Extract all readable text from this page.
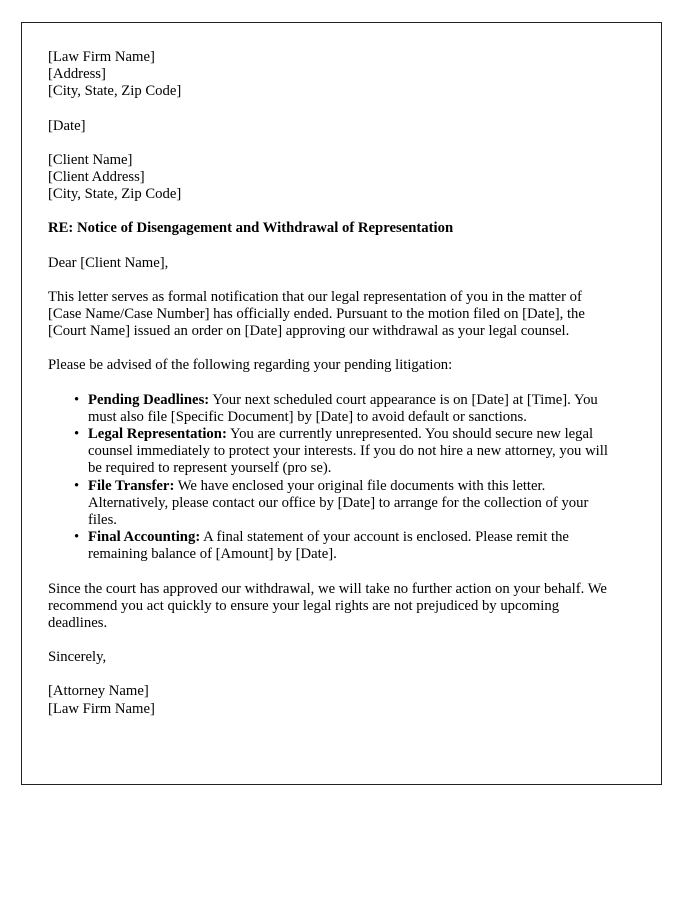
[Law Firm Name]
[Address]
[City, State, Zip Code]
[Date]
[Client Name]
[Client Address]
[City, State, Zip Code]
RE: Notice of Disengagement and Withdrawal of Representation
Dear [Client Name],
This letter serves as formal notification that our legal representation of you in the matter of [Case Name/Case Number] has officially ended. Pursuant to the motion filed on [Date], the [Court Name] issued an order on [Date] approving our withdrawal as your legal counsel.
Please be advised of the following regarding your pending litigation:
• Pending Deadlines: Your next scheduled court appearance is on [Date] at [Time]. You must also file [Specific Document] by [Date] to avoid default or sanctions.
• Legal Representation: You are currently unrepresented. You should secure new legal counsel immediately to protect your interests. If you do not hire a new attorney, you will be required to represent yourself (pro se).
• File Transfer: We have enclosed your original file documents with this letter. Alternatively, please contact our office by [Date] to arrange for the collection of your files.
• Final Accounting: A final statement of your account is enclosed. Please remit the remaining balance of [Amount] by [Date].
Since the court has approved our withdrawal, we will take no further action on your behalf. We recommend you act quickly to ensure your legal rights are not prejudiced by upcoming deadlines.
Sincerely,
[Attorney Name]
[Law Firm Name]
